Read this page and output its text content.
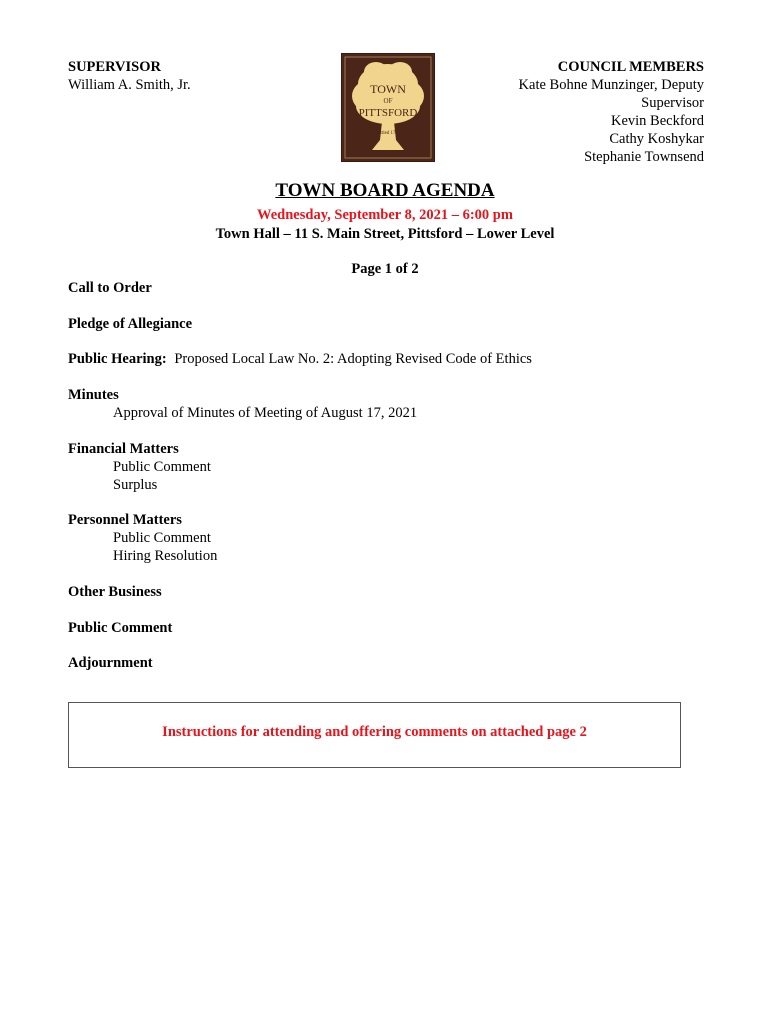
SUPERVISOR
William A. Smith, Jr.	TOWN
OF
PITTSFORD
Settled 1789
COUNCIL MEMBERS
Kate Bohne Munzinger, Deputy
Supervisor
Kevin Beckford
Cathy Koshykar
Stephanie Townsend
TOWN BOARD AGENDA
Wednesday, September 8, 2021 – 6:00 pm
Town Hall – 11 S. Main Street, Pittsford – Lower Level
Page 1 of 2
Call to Order
Pledge of Allegiance
Public Hearing: Proposed Local Law No. 2: Adopting Revised Code of Ethics
Minutes
Approval of Minutes of Meeting of August 17, 2021
Financial Matters
Public Comment
Surplus
Personnel Matters
Public Comment
Hiring Resolution
Other Business
Public Comment
Adjournment
Instructions for attending and offering comments on attached page 2
